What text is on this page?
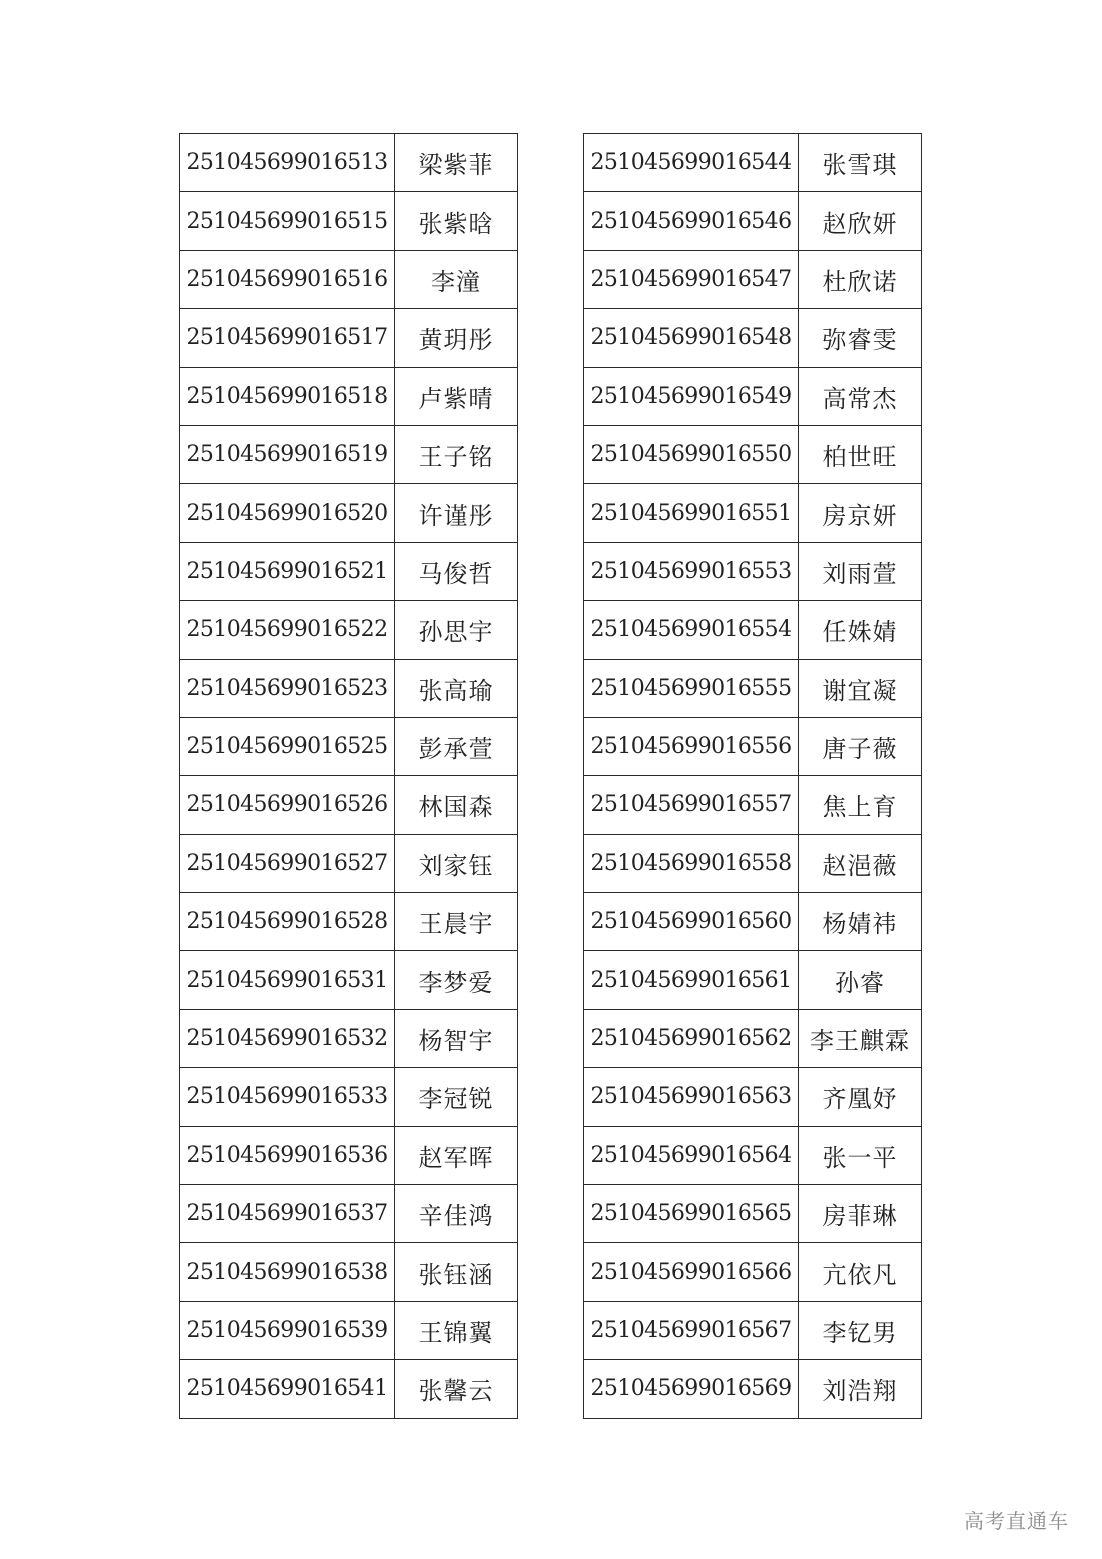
251045699016513	梁紫菲
251045699016515	张紫晗
251045699016516	李潼
251045699016517	黄玥彤
251045699016518	卢紫晴
251045699016519	王子铭
251045699016520	许谨彤
251045699016521	马俊哲
251045699016522	孙思宇
251045699016523	张高瑜
251045699016525	彭承萱
251045699016526	林国森
251045699016527	刘家钰
251045699016528	王晨宇
251045699016531	李梦爱
251045699016532	杨智宇
251045699016533	李冠锐
251045699016536	赵军晖
251045699016537	辛佳鸿
251045699016538	张钰涵
251045699016539	王锦翼
251045699016541	张馨云
251045699016544	张雪琪
251045699016546	赵欣妍
251045699016547	杜欣诺
251045699016548	弥睿雯
251045699016549	高常杰
251045699016550	柏世旺
251045699016551	房京妍
251045699016553	刘雨萱
251045699016554	任姝婧
251045699016555	谢宜凝
251045699016556	唐子薇
251045699016557	焦上育
251045699016558	赵浥薇
251045699016560	杨婧祎
251045699016561	孙睿
251045699016562	李王麒霖
251045699016563	齐凰妤
251045699016564	张一平
251045699016565	房菲琳
251045699016566	亢依凡
251045699016567	李钇男
251045699016569	刘浩翔
高考直通车
